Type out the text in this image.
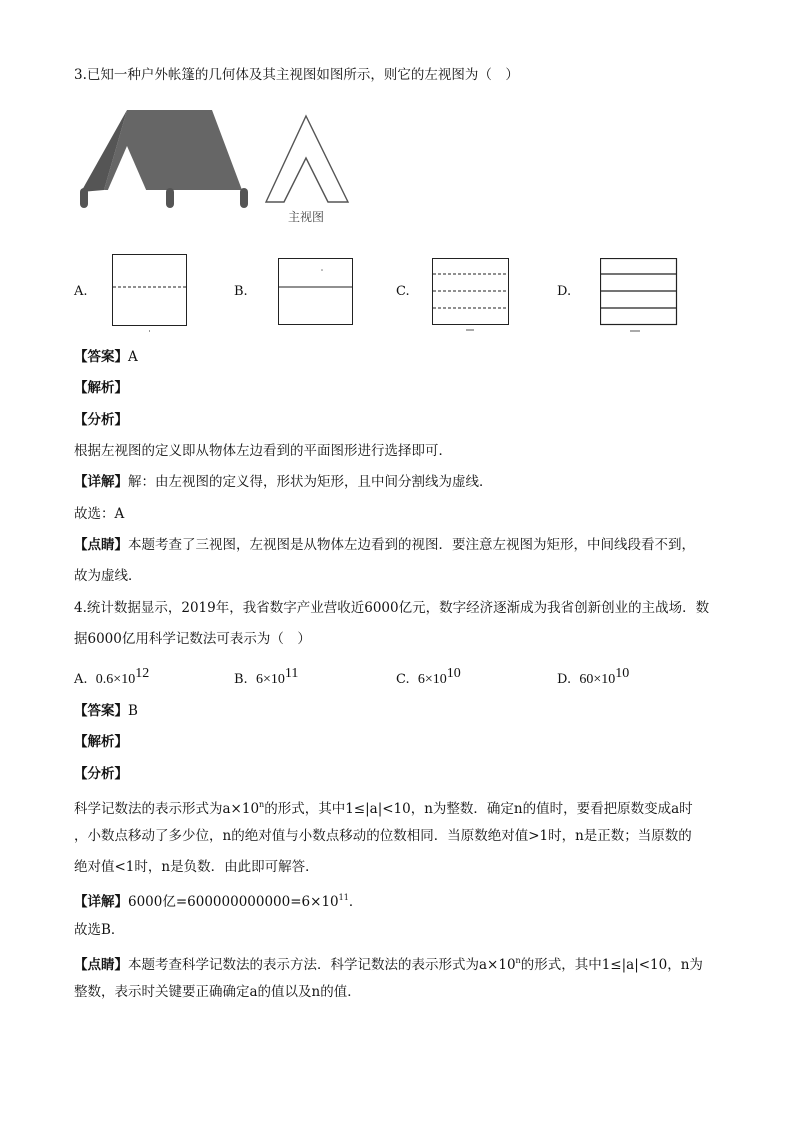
3.已知一种户外帐篷的几何体及其主视图如图所示，则它的左视图为（　）
主视图
A.	B.	C.	D.
【答案】A
【解析】
【分析】
根据左视图的定义即从物体左边看到的平面图形进行选择即可．
【详解】解：由左视图的定义得，形状为矩形，且中间分割线为虚线．
故选：A
【点睛】本题考查了三视图，左视图是从物体左边看到的视图．要注意左视图为矩形，中间线段看不到，
故为虚线．
4.统计数据显示，2019年，我省数字产业营收近6000亿元，数字经济逐渐成为我省创新创业的主战场．数
据6000亿用科学记数法可表示为（　）
A. $0.6\times 10^{12}$	B. $6\times 10^{11}$	C. $6\times 10^{10}$	D. $60\times 10^{10}$
【答案】B
【解析】
【分析】
科学记数法的表示形式为$a\times 10^n$的形式，其中1≤|a|<10，n为整数．确定n的值时，要看把原数变成a时
，小数点移动了多少位，n的绝对值与小数点移动的位数相同．当原数绝对值>1时，n是正数；当原数的
绝对值<1时，n是负数．由此即可解答．
【详解】6000亿$=600000000000=6\times 10^{11}$．
故选B．
【点睛】本题考查科学记数法的表示方法．科学记数法的表示形式为$a\times 10^n$的形式，其中1≤|a|<10，n为
整数，表示时关键要正确确定a的值以及n的值．
